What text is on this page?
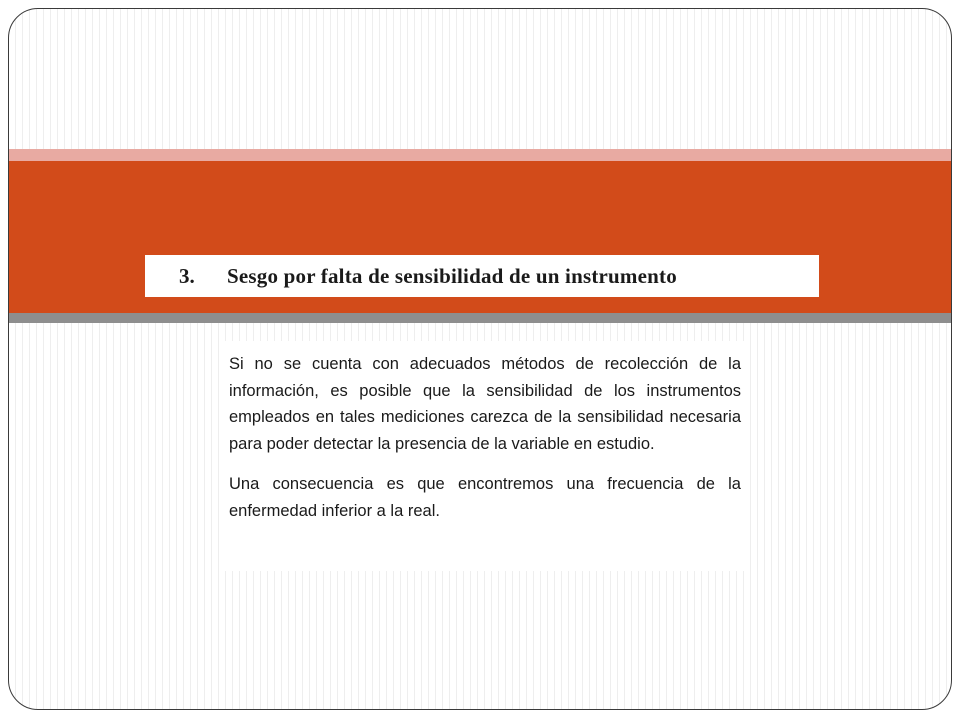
3.	Sesgo por falta de sensibilidad de un instrumento

Si no se cuenta con adecuados métodos de recolección de la información, es posible que la sensibilidad de los instrumentos empleados en tales mediciones carezca de la sensibilidad necesaria para poder detectar la presencia de la variable en estudio.

Una consecuencia es que encontremos una frecuencia de la enfermedad inferior a la real.
